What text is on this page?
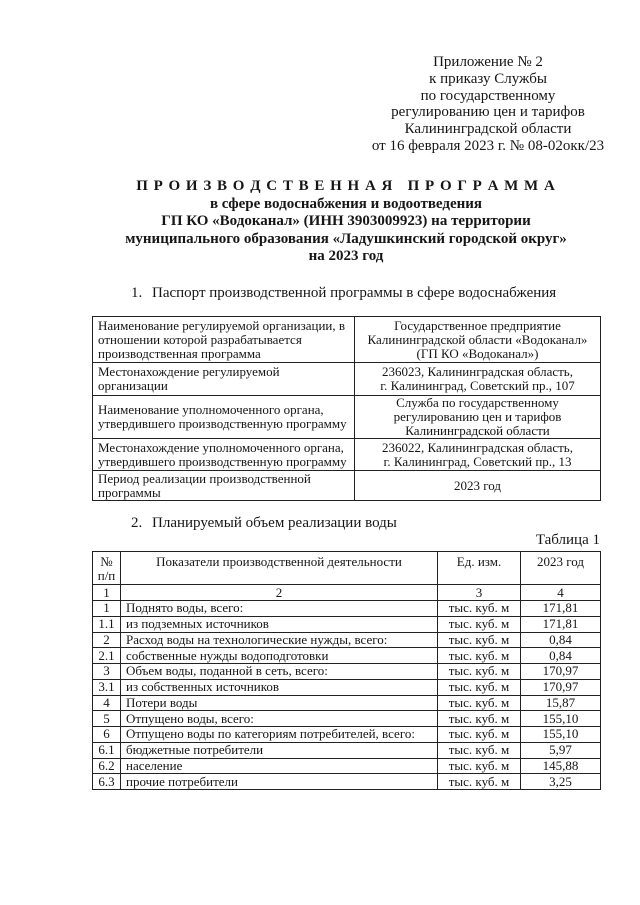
Приложение № 2
к приказу Службы
по государственному
регулированию цен и тарифов
Калининградской области
от 16 февраля 2023 г. № 08-02окк/23
П Р О И З В О Д С Т В Е Н Н А Я   П Р О Г Р А М М А
в сфере водоснабжения и водоотведения
ГП КО «Водоканал» (ИНН 3903009923) на территории
муниципального образования «Ладушкинский городской округ»
на 2023 год
1. Паспорт производственной программы в сфере водоснабжения
Наименование регулируемой организации, в отношении которой разрабатывается производственная программа	Государственное предприятие
Калининградской области «Водоканал»
(ГП КО «Водоканал»)

Местонахождение регулируемой организации	236023, Калининградская область,
г. Калининград, Советский пр., 107

Наименование уполномоченного органа, утвердившего производственную программу	Служба по государственному
регулированию цен и тарифов
Калининградской области

Местонахождение уполномоченного органа, утвердившего производственную программу	236022, Калининградская область,
г. Калининград, Советский пр., 13

Период реализации производственной программы	2023 год
2. Планируемый объем реализации воды
Таблица 1
№
п/п	Показатели производственной деятельности	Ед. изм.	2023 год
1	2	3	4
1	Поднято воды, всего:	тыс. куб. м	171,81
1.1	из подземных источников	тыс. куб. м	171,81
2	Расход воды на технологические нужды, всего:	тыс. куб. м	0,84
2.1	собственные нужды водоподготовки	тыс. куб. м	0,84
3	Объем воды, поданной в сеть, всего:	тыс. куб. м	170,97
3.1	из собственных источников	тыс. куб. м	170,97
4	Потери воды	тыс. куб. м	15,87
5	Отпущено воды, всего:	тыс. куб. м	155,10
6	Отпущено воды по категориям потребителей, всего:	тыс. куб. м	155,10
6.1	бюджетные потребители	тыс. куб. м	5,97
6.2	население	тыс. куб. м	145,88
6.3	прочие потребители	тыс. куб. м	3,25
